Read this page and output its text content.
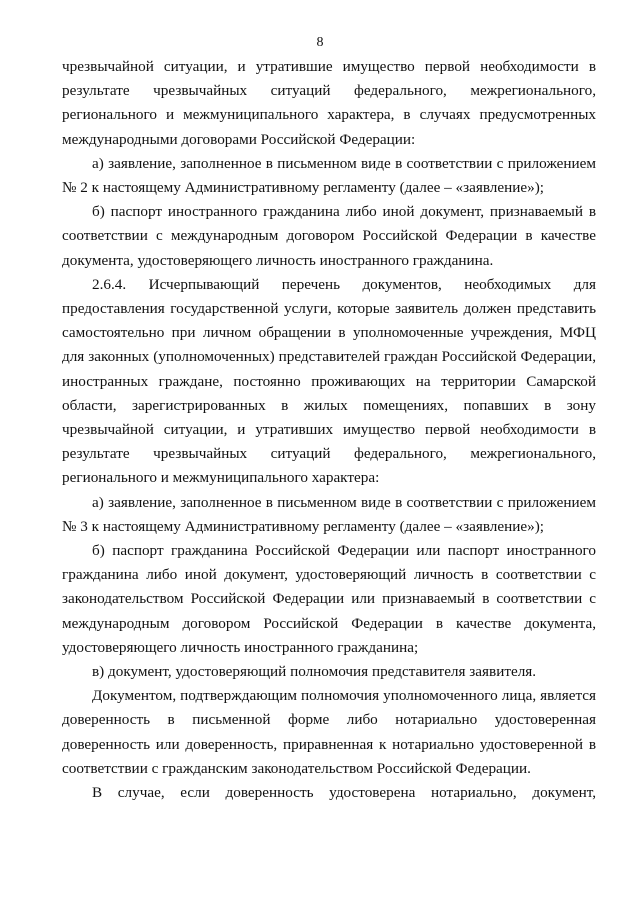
8

чрезвычайной ситуации, и утратившие имущество первой необходимости в результате чрезвычайных ситуаций федерального, межрегионального, регионального и межмуниципального характера, в случаях предусмотренных международными договорами Российской Федерации:

а) заявление, заполненное в письменном виде в соответствии с приложением № 2 к настоящему Административному регламенту (далее – «заявление»);

б) паспорт иностранного гражданина либо иной документ, признаваемый в соответствии с международным договором Российской Федерации в качестве документа, удостоверяющего личность иностранного гражданина.

2.6.4. Исчерпывающий перечень документов, необходимых для предоставления государственной услуги, которые заявитель должен представить самостоятельно при личном обращении в уполномоченные учреждения, МФЦ для законных (уполномоченных) представителей граждан Российской Федерации, иностранных граждане, постоянно проживающих на территории Самарской области, зарегистрированных в жилых помещениях, попавших в зону чрезвычайной ситуации, и утративших имущество первой необходимости в результате чрезвычайных ситуаций федерального, межрегионального, регионального и межмуниципального характера:

а) заявление, заполненное в письменном виде в соответствии с приложением № 3 к настоящему Административному регламенту (далее – «заявление»);

б) паспорт гражданина Российской Федерации или паспорт иностранного гражданина либо иной документ, удостоверяющий личность в соответствии с законодательством Российской Федерации или признаваемый в соответствии с международным договором Российской Федерации в качестве документа, удостоверяющего личность иностранного гражданина;

в) документ, удостоверяющий полномочия представителя заявителя.

Документом, подтверждающим полномочия уполномоченного лица, является доверенность в письменной форме либо нотариально удостоверенная доверенность или доверенность, приравненная к нотариально удостоверенной в соответствии с гражданским законодательством Российской Федерации.

В случае, если доверенность удостоверена нотариально, документ,
